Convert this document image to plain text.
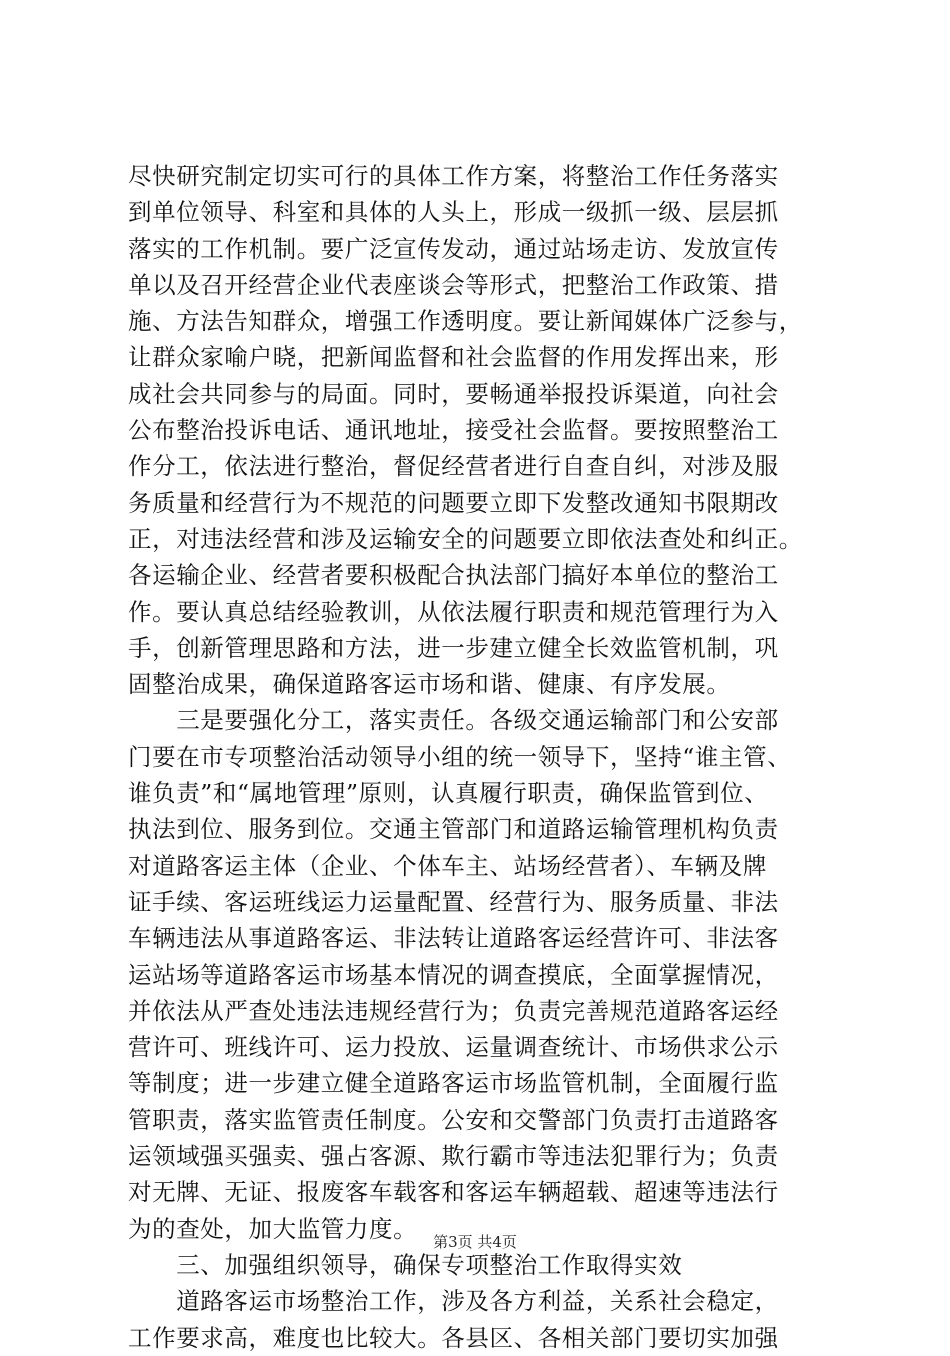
尽快研究制定切实可行的具体工作方案，将整治工作任务落实
到单位领导、科室和具体的人头上，形成一级抓一级、层层抓
落实的工作机制。要广泛宣传发动，通过站场走访、发放宣传
单以及召开经营企业代表座谈会等形式，把整治工作政策、措
施、方法告知群众，增强工作透明度。要让新闻媒体广泛参与，
让群众家喻户晓，把新闻监督和社会监督的作用发挥出来，形
成社会共同参与的局面。同时，要畅通举报投诉渠道，向社会
公布整治投诉电话、通讯地址，接受社会监督。要按照整治工
作分工，依法进行整治，督促经营者进行自查自纠，对涉及服
务质量和经营行为不规范的问题要立即下发整改通知书限期改
正，对违法经营和涉及运输安全的问题要立即依法查处和纠正。
各运输企业、经营者要积极配合执法部门搞好本单位的整治工
作。要认真总结经验教训，从依法履行职责和规范管理行为入
手，创新管理思路和方法，进一步建立健全长效监管机制，巩
固整治成果，确保道路客运市场和谐、健康、有序发展。
　　三是要强化分工，落实责任。各级交通运输部门和公安部
门要在市专项整治活动领导小组的统一领导下，坚持“谁主管、
谁负责”和“属地管理”原则，认真履行职责，确保监管到位、
执法到位、服务到位。交通主管部门和道路运输管理机构负责
对道路客运主体（企业、个体车主、站场经营者）、车辆及牌
证手续、客运班线运力运量配置、经营行为、服务质量、非法
车辆违法从事道路客运、非法转让道路客运经营许可、非法客
运站场等道路客运市场基本情况的调查摸底，全面掌握情况，
并依法从严查处违法违规经营行为；负责完善规范道路客运经
营许可、班线许可、运力投放、运量调查统计、市场供求公示
等制度；进一步建立健全道路客运市场监管机制，全面履行监
管职责，落实监管责任制度。公安和交警部门负责打击道路客
运领域强买强卖、强占客源、欺行霸市等违法犯罪行为；负责
对无牌、无证、报废客车载客和客运车辆超载、超速等违法行
为的查处，加大监管力度。
　　三、加强组织领导，确保专项整治工作取得实效
　　道路客运市场整治工作，涉及各方利益，关系社会稳定，
工作要求高，难度也比较大。各县区、各相关部门要切实加强
第3页 共4页
